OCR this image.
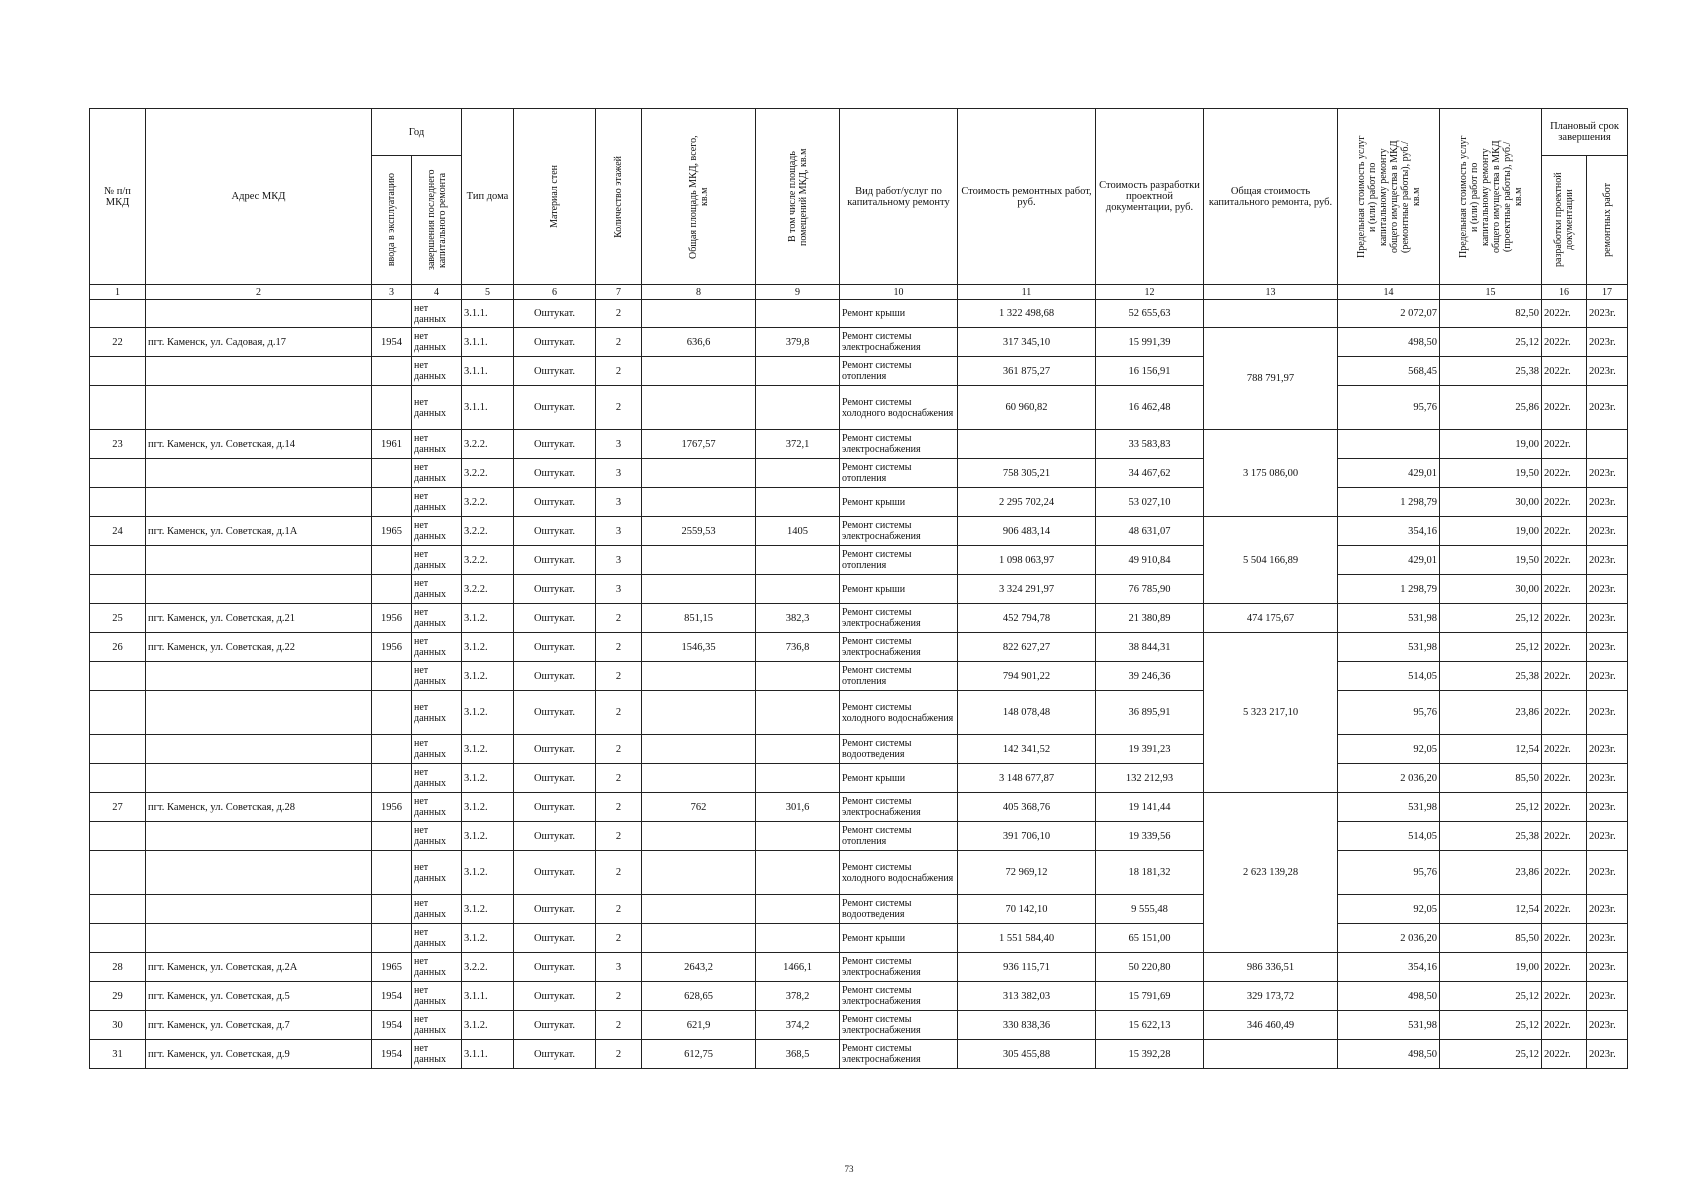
№ п/п МКД	Адрес МКД	Год		Тип дома	Материал стен	Количество этажей	Общая площадь МКД, всего, кв.м	В том числе площадь помещений МКД, кв.м	Вид работ/услуг по капитальному ремонту	Стоимость ремонтных работ, руб.	Стоимость разработки проектной документации, руб.	Общая стоимость капитального ремонта, руб.	Предельная стоимость услуг и (или) работ по капитальному ремонту общего имущества в МКД (ремонтные работы), руб./кв.м	Предельная стоимость услуг и (или) работ по капитальному ремонту общего имущества в МКД (проектные работы), руб./кв.м	Плановый срок завершения	

		ввода в эксплуатацию	завершения последнего капитального ремонта												разработки проектной документации	ремонтных работ

1	2	3	4	5	6	7	8	9	10	11	12	13	14	15	16	17
			нет данных	3.1.1.	Оштукат.	2			Ремонт крыши	1 322 498,68	52 655,63		2 072,07	82,50	2022г.	2023г.
22	пгт. Каменск, ул. Садовая, д.17	1954	нет данных	3.1.1.	Оштукат.	2	636,6	379,8	Ремонт системы электроснабжения	317 345,10	15 991,39	788 791,97	498,50	25,12	2022г.	2023г.
			нет данных	3.1.1.	Оштукат.	2			Ремонт системы отопления	361 875,27	16 156,91		568,45	25,38	2022г.	2023г.
			нет данных	3.1.1.	Оштукат.	2			Ремонт системы холодного водоснабжения	60 960,82	16 462,48		95,76	25,86	2022г.	2023г.
23	пгт. Каменск, ул. Советская, д.14	1961	нет данных	3.2.2.	Оштукат.	3	1767,57	372,1	Ремонт системы электроснабжения		33 583,83	3 175 086,00		19,00	2022г.	
			нет данных	3.2.2.	Оштукат.	3			Ремонт системы отопления	758 305,21	34 467,62		429,01	19,50	2022г.	2023г.
			нет данных	3.2.2.	Оштукат.	3			Ремонт крыши	2 295 702,24	53 027,10		1 298,79	30,00	2022г.	2023г.
24	пгт. Каменск, ул. Советская, д.1А	1965	нет данных	3.2.2.	Оштукат.	3	2559,53	1405	Ремонт системы электроснабжения	906 483,14	48 631,07	5 504 166,89	354,16	19,00	2022г.	2023г.
			нет данных	3.2.2.	Оштукат.	3			Ремонт системы отопления	1 098 063,97	49 910,84		429,01	19,50	2022г.	2023г.
			нет данных	3.2.2.	Оштукат.	3			Ремонт крыши	3 324 291,97	76 785,90		1 298,79	30,00	2022г.	2023г.
25	пгт. Каменск, ул. Советская, д.21	1956	нет данных	3.1.2.	Оштукат.	2	851,15	382,3	Ремонт системы электроснабжения	452 794,78	21 380,89	474 175,67	531,98	25,12	2022г.	2023г.
26	пгт. Каменск, ул. Советская, д.22	1956	нет данных	3.1.2.	Оштукат.	2	1546,35	736,8	Ремонт системы электроснабжения	822 627,27	38 844,31	5 323 217,10	531,98	25,12	2022г.	2023г.
			нет данных	3.1.2.	Оштукат.	2			Ремонт системы отопления	794 901,22	39 246,36		514,05	25,38	2022г.	2023г.
			нет данных	3.1.2.	Оштукат.	2			Ремонт системы холодного водоснабжения	148 078,48	36 895,91		95,76	23,86	2022г.	2023г.
			нет данных	3.1.2.	Оштукат.	2			Ремонт системы водоотведения	142 341,52	19 391,23		92,05	12,54	2022г.	2023г.
			нет данных	3.1.2.	Оштукат.	2			Ремонт крыши	3 148 677,87	132 212,93		2 036,20	85,50	2022г.	2023г.
27	пгт. Каменск, ул. Советская, д.28	1956	нет данных	3.1.2.	Оштукат.	2	762	301,6	Ремонт системы электроснабжения	405 368,76	19 141,44	2 623 139,28	531,98	25,12	2022г.	2023г.
			нет данных	3.1.2.	Оштукат.	2			Ремонт системы отопления	391 706,10	19 339,56		514,05	25,38	2022г.	2023г.
			нет данных	3.1.2.	Оштукат.	2			Ремонт системы холодного водоснабжения	72 969,12	18 181,32		95,76	23,86	2022г.	2023г.
			нет данных	3.1.2.	Оштукат.	2			Ремонт системы водоотведения	70 142,10	9 555,48		92,05	12,54	2022г.	2023г.
			нет данных	3.1.2.	Оштукат.	2			Ремонт крыши	1 551 584,40	65 151,00		2 036,20	85,50	2022г.	2023г.
28	пгт. Каменск, ул. Советская, д.2А	1965	нет данных	3.2.2.	Оштукат.	3	2643,2	1466,1	Ремонт системы электроснабжения	936 115,71	50 220,80	986 336,51	354,16	19,00	2022г.	2023г.
29	пгт. Каменск, ул. Советская, д.5	1954	нет данных	3.1.1.	Оштукат.	2	628,65	378,2	Ремонт системы электроснабжения	313 382,03	15 791,69	329 173,72	498,50	25,12	2022г.	2023г.
30	пгт. Каменск, ул. Советская, д.7	1954	нет данных	3.1.2.	Оштукат.	2	621,9	374,2	Ремонт системы электроснабжения	330 838,36	15 622,13	346 460,49	531,98	25,12	2022г.	2023г.
31	пгт. Каменск, ул. Советская, д.9	1954	нет данных	3.1.1.	Оштукат.	2	612,75	368,5	Ремонт системы электроснабжения	305 455,88	15 392,28		498,50	25,12	2022г.	2023г.
73
